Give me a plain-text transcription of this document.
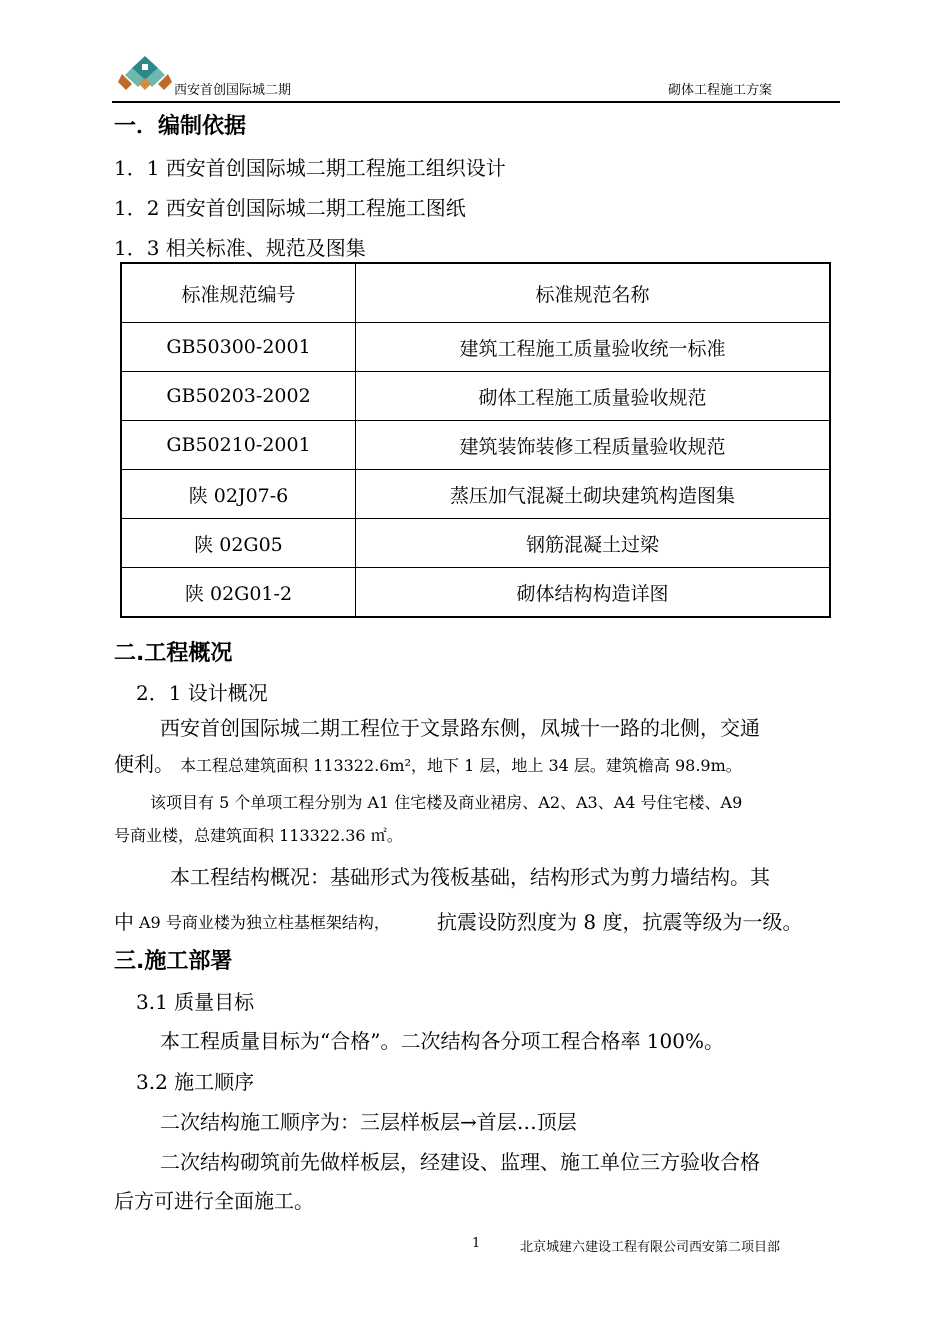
西安首创国际城二期	砌体工程施工方案
一．编制依据
1．1 西安首创国际城二期工程施工组织设计
1．2 西安首创国际城二期工程施工图纸
1．3 相关标准、规范及图集
标准规范编号	标准规范名称
GB50300-2001	建筑工程施工质量验收统一标准
GB50203-2002	砌体工程施工质量验收规范
GB50210-2001	建筑装饰装修工程质量验收规范
陕 02J07-6	蒸压加气混凝土砌块建筑构造图集
陕 02G05	钢筋混凝土过梁
陕 02G01-2	砌体结构构造详图
二.工程概况
2．1 设计概况
西安首创国际城二期工程位于文景路东侧，凤城十一路的北侧，交通
便利。 本工程总建筑面积 113322.6m²，地下 1 层，地上 34 层。建筑檐高 98.9m。
该项目有 5 个单项工程分别为 A1 住宅楼及商业裙房、A2、A3、A4 号住宅楼、A9
号商业楼，总建筑面积 113322.36 ㎡。
本工程结构概况：基础形式为筏板基础，结构形式为剪力墙结构。其
中 A9 号商业楼为独立柱基框架结构， 抗震设防烈度为 8 度，抗震等级为一级。
三.施工部署
3.1 质量目标
本工程质量目标为“合格”。二次结构各分项工程合格率 100%。
3.2 施工顺序
二次结构施工顺序为：三层样板层→首层…顶层
二次结构砌筑前先做样板层，经建设、监理、施工单位三方验收合格
后方可进行全面施工。
1	北京城建六建设工程有限公司西安第二项目部
